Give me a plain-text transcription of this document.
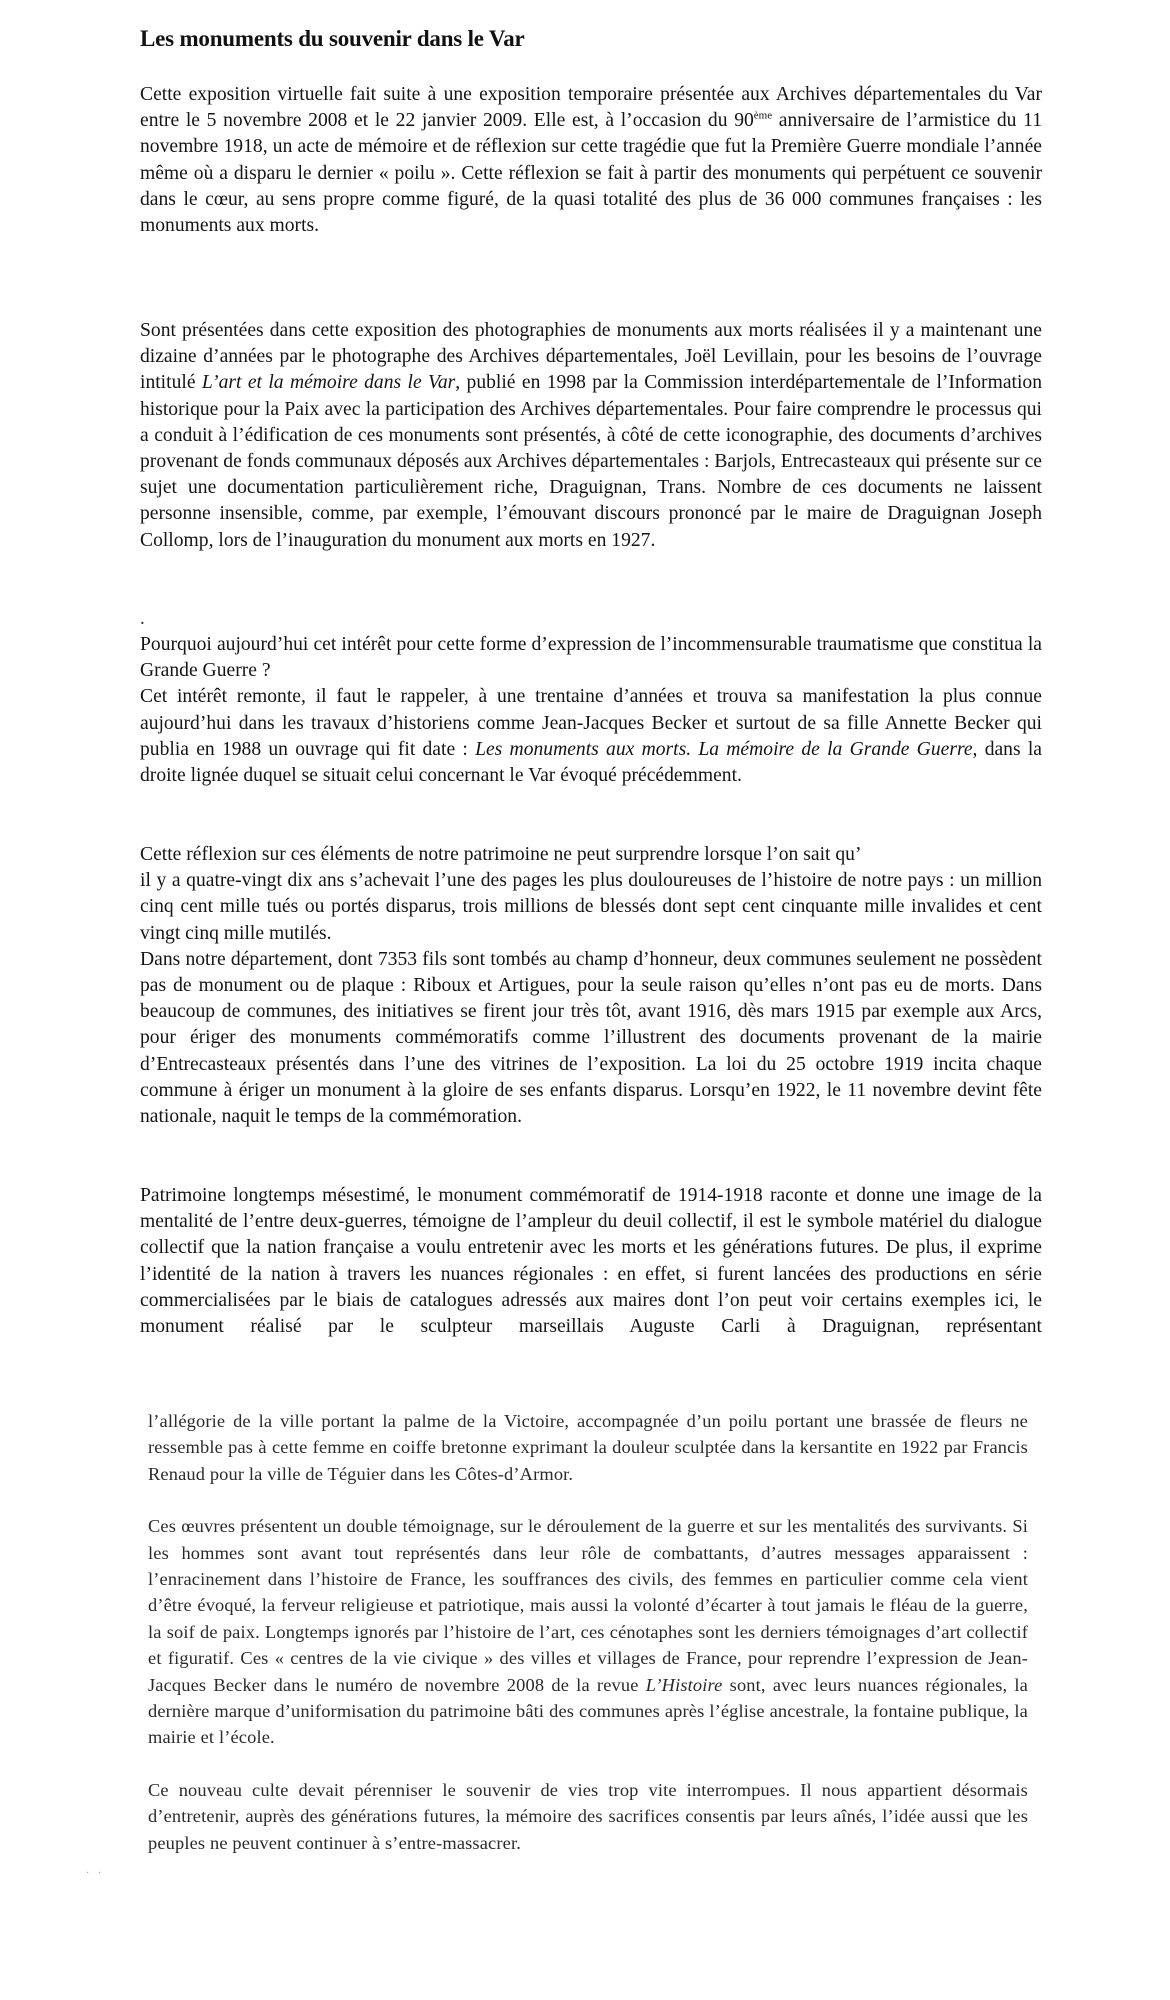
Les monuments du souvenir dans le Var

Cette exposition virtuelle fait suite à une exposition temporaire présentée aux Archives départementales du Var entre le 5 novembre 2008 et le 22 janvier 2009. Elle est, à l’occasion du 90ème anniversaire de l’armistice du 11 novembre 1918, un acte de mémoire et de réflexion sur cette tragédie que fut la Première Guerre mondiale l’année même où a disparu le dernier « poilu ». Cette réflexion se fait à partir des monuments qui perpétuent ce souvenir dans le cœur, au sens propre comme figuré, de la quasi totalité des plus de 36 000 communes françaises : les monuments aux morts.

Sont présentées dans cette exposition des photographies de monuments aux morts réalisées il y a maintenant une dizaine d’années par le photographe des Archives départementales, Joël Levillain, pour les besoins de l’ouvrage intitulé L’art et la mémoire dans le Var, publié en 1998 par la Commission interdépartementale de l’Information historique pour la Paix avec la participation des Archives départementales. Pour faire comprendre le processus qui a conduit à l’édification de ces monuments sont présentés, à côté de cette iconographie, des documents d’archives provenant de fonds communaux déposés aux Archives départementales : Barjols, Entrecasteaux qui présente sur ce sujet une documentation particulièrement riche, Draguignan, Trans. Nombre de ces documents ne laissent personne insensible, comme, par exemple, l’émouvant discours prononcé par le maire de Draguignan Joseph Collomp, lors de l’inauguration du monument aux morts en 1927.

.

Pourquoi aujourd’hui cet intérêt pour cette forme d’expression de l’incommensurable traumatisme que constitua la Grande Guerre ?

Cet intérêt remonte, il faut le rappeler, à une trentaine d’années et trouva sa manifestation la plus connue aujourd’hui dans les travaux d’historiens comme Jean-Jacques Becker et surtout de sa fille Annette Becker qui publia en 1988 un ouvrage qui fit date : Les monuments aux morts. La mémoire de la Grande Guerre, dans la droite lignée duquel se situait celui concernant le Var évoqué précédemment.

Cette réflexion sur ces éléments de notre patrimoine ne peut surprendre lorsque l’on sait qu’

il y a quatre-vingt dix ans s’achevait l’une des pages les plus douloureuses de l’histoire de notre pays : un million cinq cent mille tués ou portés disparus, trois millions de blessés dont sept cent cinquante mille invalides et cent vingt cinq mille mutilés.

Dans notre département, dont 7353 fils sont tombés au champ d’honneur, deux communes seulement ne possèdent pas de monument ou de plaque : Riboux et Artigues, pour la seule raison qu’elles n’ont pas eu de morts. Dans beaucoup de communes, des initiatives se firent jour très tôt, avant 1916, dès mars 1915 par exemple aux Arcs, pour ériger des monuments commémoratifs comme l’illustrent des documents provenant de la mairie d’Entrecasteaux présentés dans l’une des vitrines de l’exposition. La loi du 25 octobre 1919 incita chaque commune à ériger un monument à la gloire de ses enfants disparus. Lorsqu’en 1922, le 11 novembre devint fête nationale, naquit le temps de la commémoration.

Patrimoine longtemps mésestimé, le monument commémoratif de 1914-1918 raconte et donne une image de la mentalité de l’entre deux-guerres, témoigne de l’ampleur du deuil collectif, il est le symbole matériel du dialogue collectif que la nation française a voulu entretenir avec les morts et les générations futures. De plus, il exprime l’identité de la nation à travers les nuances régionales : en effet, si furent lancées des productions en série commercialisées par le biais de catalogues adressés aux maires dont l’on peut voir certains exemples ici, le monument réalisé par le sculpteur marseillais Auguste Carli à Draguignan, représentant

l’allégorie de la ville portant la palme de la Victoire, accompagnée d’un poilu portant une brassée de fleurs ne ressemble pas à cette femme en coiffe bretonne exprimant la douleur sculptée dans la kersantite en 1922 par Francis Renaud pour la ville de Téguier dans les Côtes-d’Armor.

Ces œuvres présentent un double témoignage, sur le déroulement de la guerre et sur les mentalités des survivants. Si les hommes sont avant tout représentés dans leur rôle de combattants, d’autres messages apparaissent : l’enracinement dans l’histoire de France, les souffrances des civils, des femmes en particulier comme cela vient d’être évoqué, la ferveur religieuse et patriotique, mais aussi la volonté d’écarter à tout jamais le fléau de la guerre, la soif de paix. Longtemps ignorés par l’histoire de l’art, ces cénotaphes sont les derniers témoignages d’art collectif et figuratif. Ces « centres de la vie civique » des villes et villages de France, pour reprendre l’expression de Jean-Jacques Becker dans le numéro de novembre 2008 de la revue L’Histoire sont, avec leurs nuances régionales, la dernière marque d’uniformisation du patrimoine bâti des communes après l’église ancestrale, la fontaine publique, la mairie et l’école.

Ce nouveau culte devait pérenniser le souvenir de vies trop vite interrompues. Il nous appartient désormais d’entretenir, auprès des générations futures, la mémoire des sacrifices consentis par leurs aînés, l’idée aussi que les peuples ne peuvent continuer à s’entre-massacrer.

· ·
